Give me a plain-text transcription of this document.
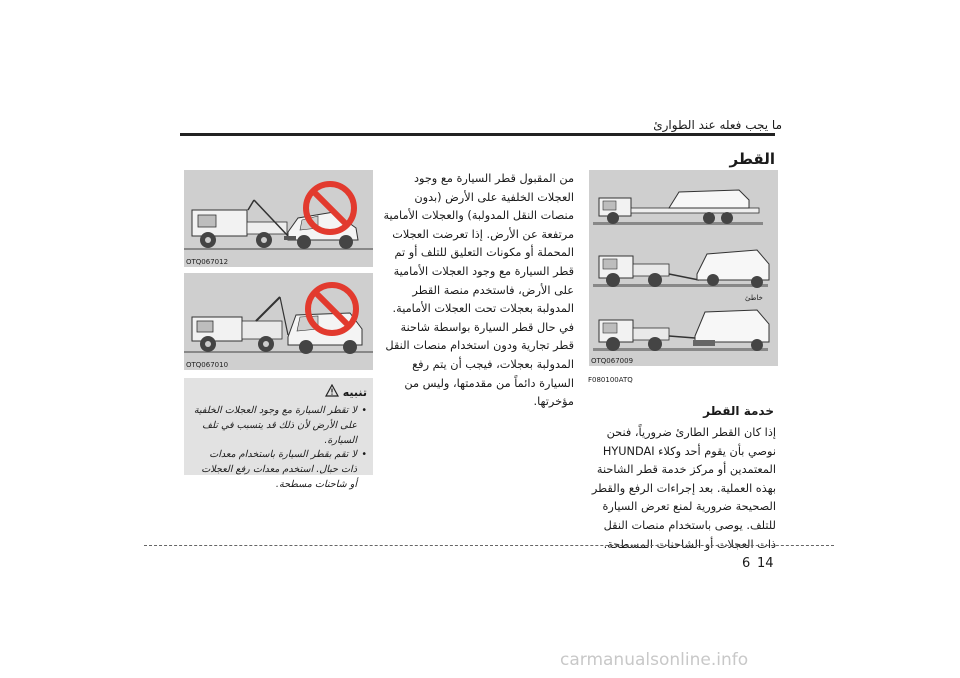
ما يجب فعله عند الطوارئ
القطر
OTQ067012
OTQ067010
تنبيه
• لا تقطر السيارة مع وجود العجلات الخلفية على الأرض لأن ذلك قد يتسبب في تلف السيارة.
• لا تقم بقطر السيارة باستخدام معدات ذات حبال. استخدم معدات رفع العجلات أو شاحنات مسطحة.
من المقبول قطر السيارة مع وجود العجلات الخلفية على الأرض (بدون منصات النقل المدولبة) والعجلات الأمامية مرتفعة عن الأرض. إذا تعرضت العجلات المحملة أو مكونات التعليق للتلف أو تم قطر السيارة مع وجود العجلات الأمامية على الأرض، فاستخدم منصة القطر المدولبة بعجلات تحت العجلات الأمامية. في حال قطر السيارة بواسطة شاحنة قطر تجارية ودون استخدام منصات النقل المدولبة بعجلات، فيجب أن يتم رفع السيارة دائماً من مقدمتها، وليس من مؤخرتها.
خاطئ
OTQ067009
F080100ATQ
خدمة القطر
إذا كان القطر الطارئ ضرورياً، فنحن نوصي بأن يقوم أحد وكلاء HYUNDAI المعتمدين أو مركز خدمة قطر الشاحنة بهذه العملية. بعد إجراءات الرفع والقطر الصحيحة ضرورية لمنع تعرض السيارة للتلف. يوصى باستخدام منصات النقل ذات العجلات أو الشاحنات المسطحة.
14
6
carmanualsonline.info
